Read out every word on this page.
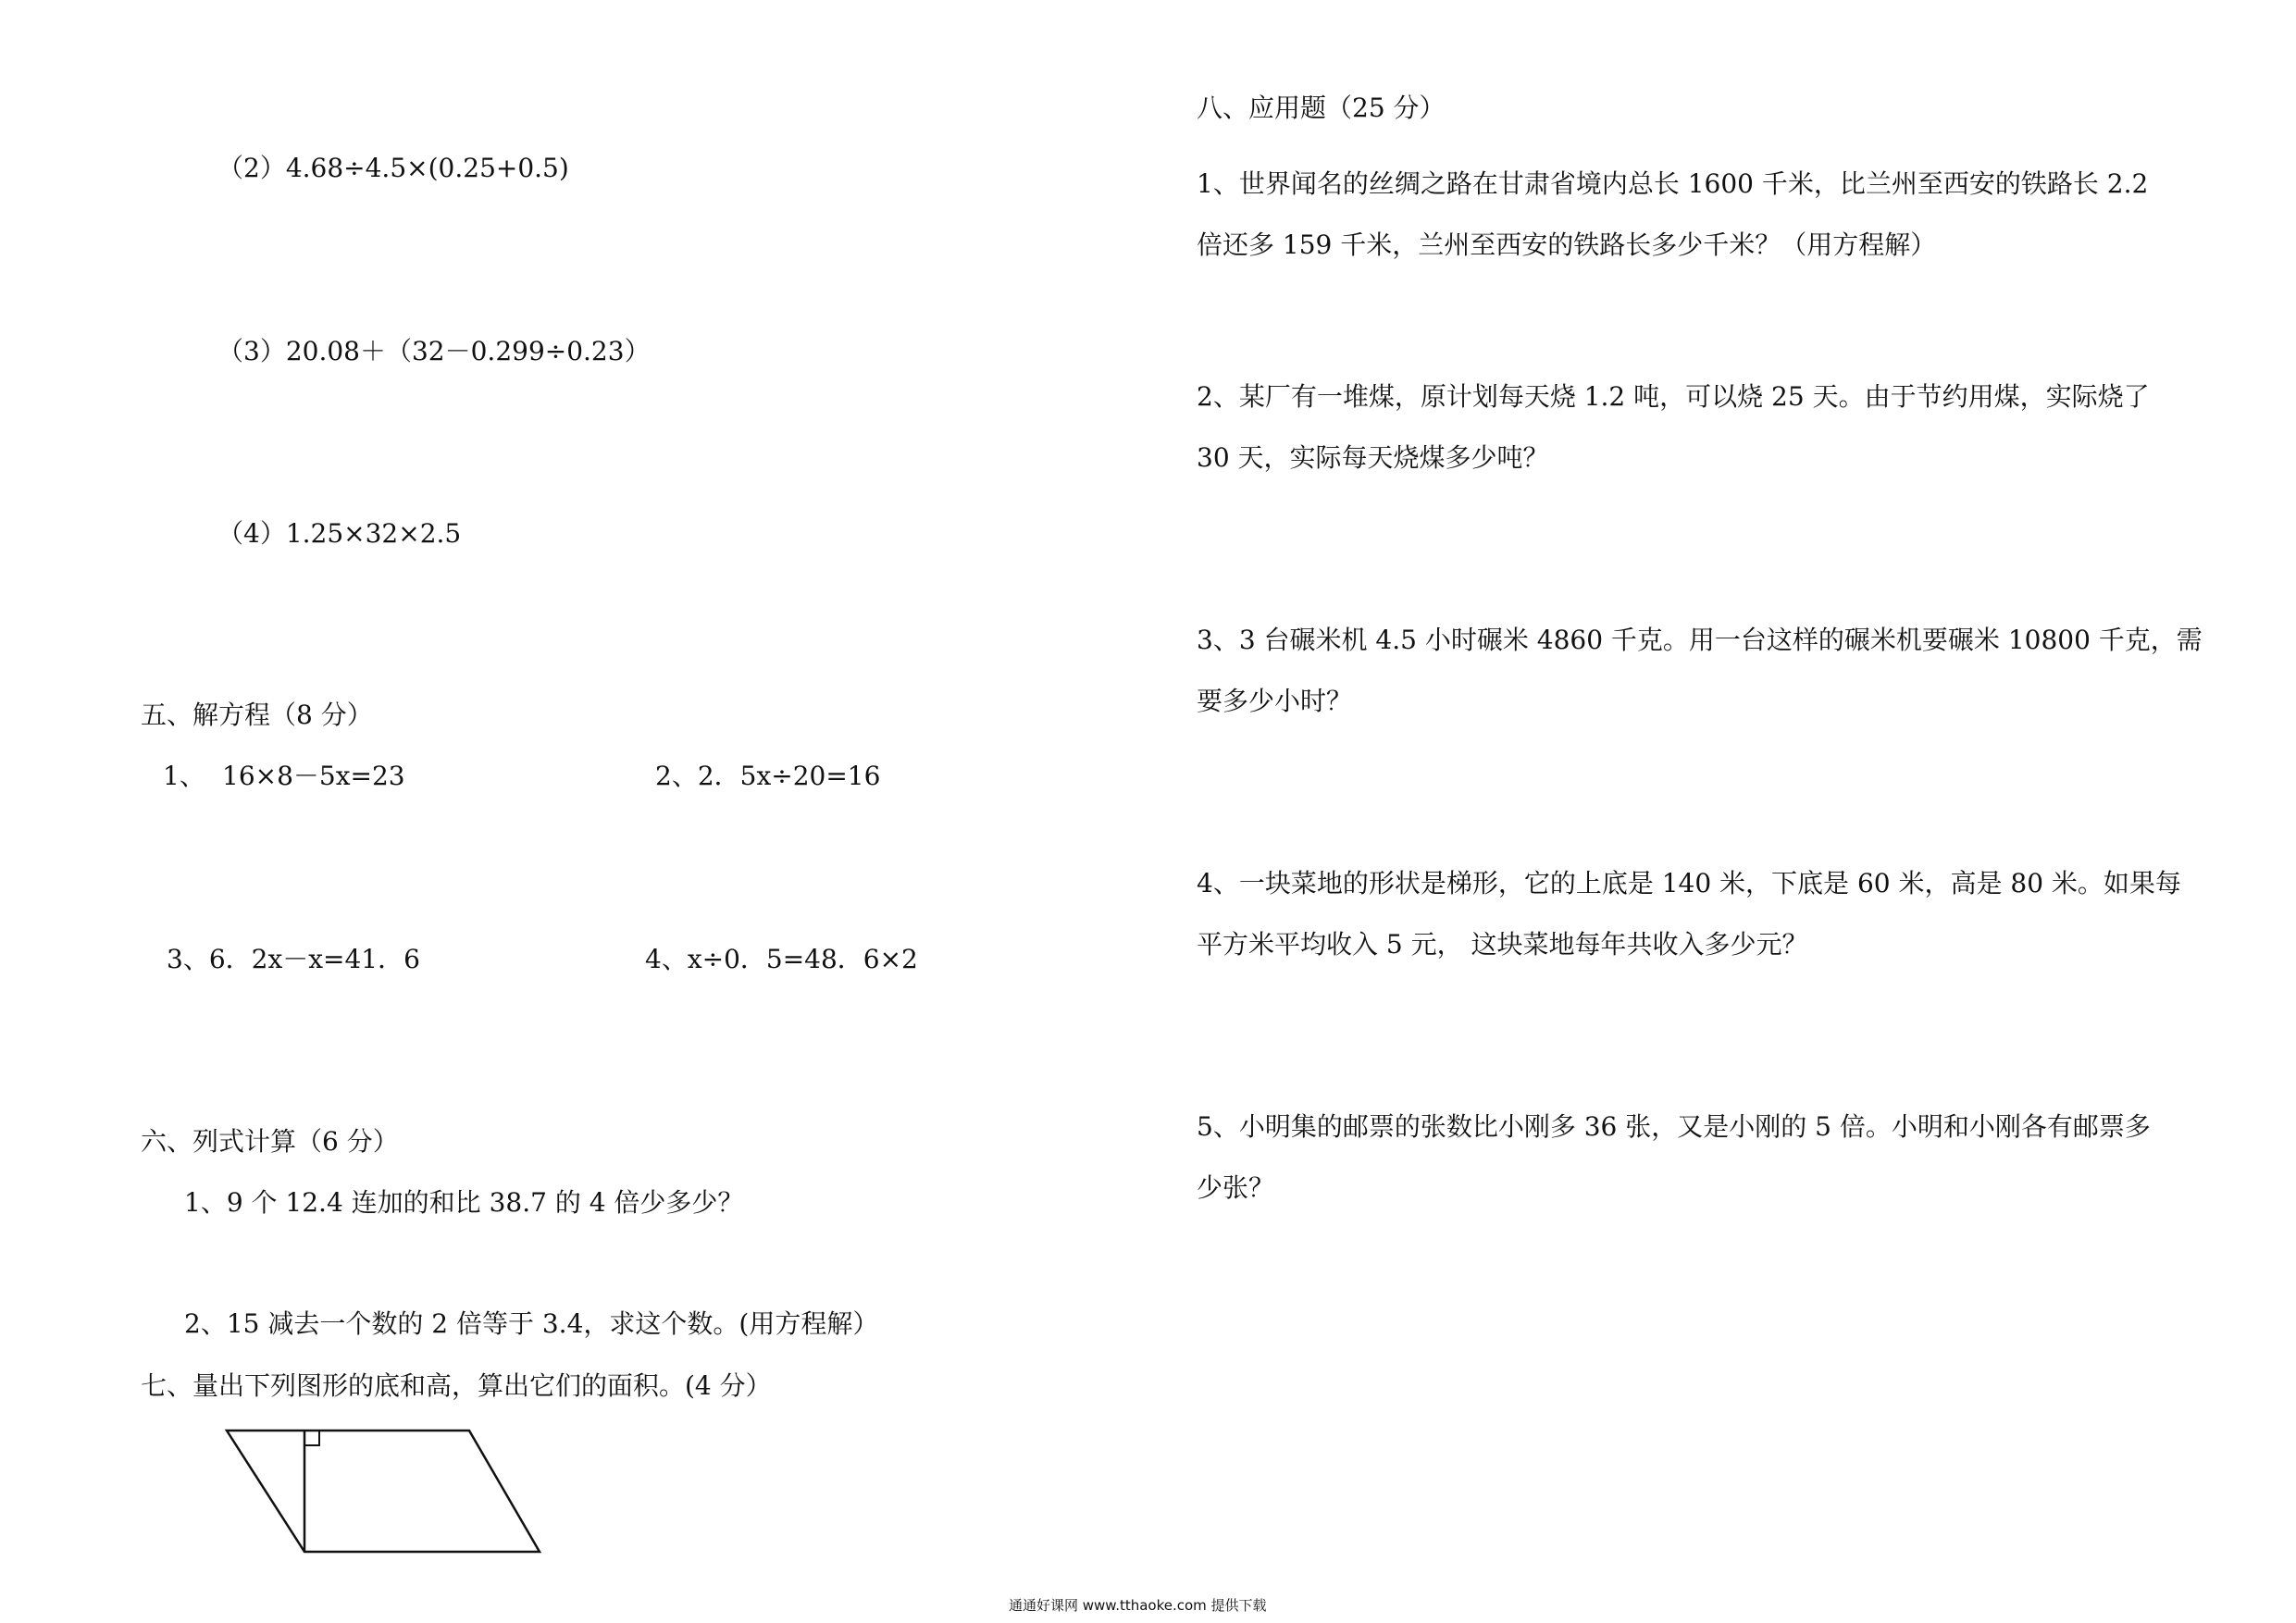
（2）4.68÷4.5×(0.25+0.5)
（3）20.08＋（32－0.299÷0.23）
（4）1.25×32×2.5
五、解方程（8 分）
1、 16×8－5x=23	2、2．5x÷20=16
3、6．2x－x=41．6	4、x÷0．5=48．6×2
六、列式计算（6 分）
1、9 个 12.4 连加的和比 38.7 的 4 倍少多少？
2、15 减去一个数的 2 倍等于 3.4，求这个数。(用方程解）
七、量出下列图形的底和高，算出它们的面积。(4 分）
八、应用题（25 分）

1、世界闻名的丝绸之路在甘肃省境内总长 1600 千米，比兰州至西安的铁路长 2.2

倍还多 159 千米，兰州至西安的铁路长多少千米？（用方程解）

2、某厂有一堆煤，原计划每天烧 1.2 吨，可以烧 25 天。由于节约用煤，实际烧了

30 天，实际每天烧煤多少吨？

3、3 台碾米机 4.5 小时碾米 4860 千克。用一台这样的碾米机要碾米 10800 千克，需

要多少小时？

4、一块菜地的形状是梯形，它的上底是 140 米，下底是 60 米，高是 80 米。如果每

平方米平均收入 5 元， 这块菜地每年共收入多少元？

5、小明集的邮票的张数比小刚多 36 张，又是小刚的 5 倍。小明和小刚各有邮票多

少张？

通通好课网 www.tthaoke.com 提供下载
